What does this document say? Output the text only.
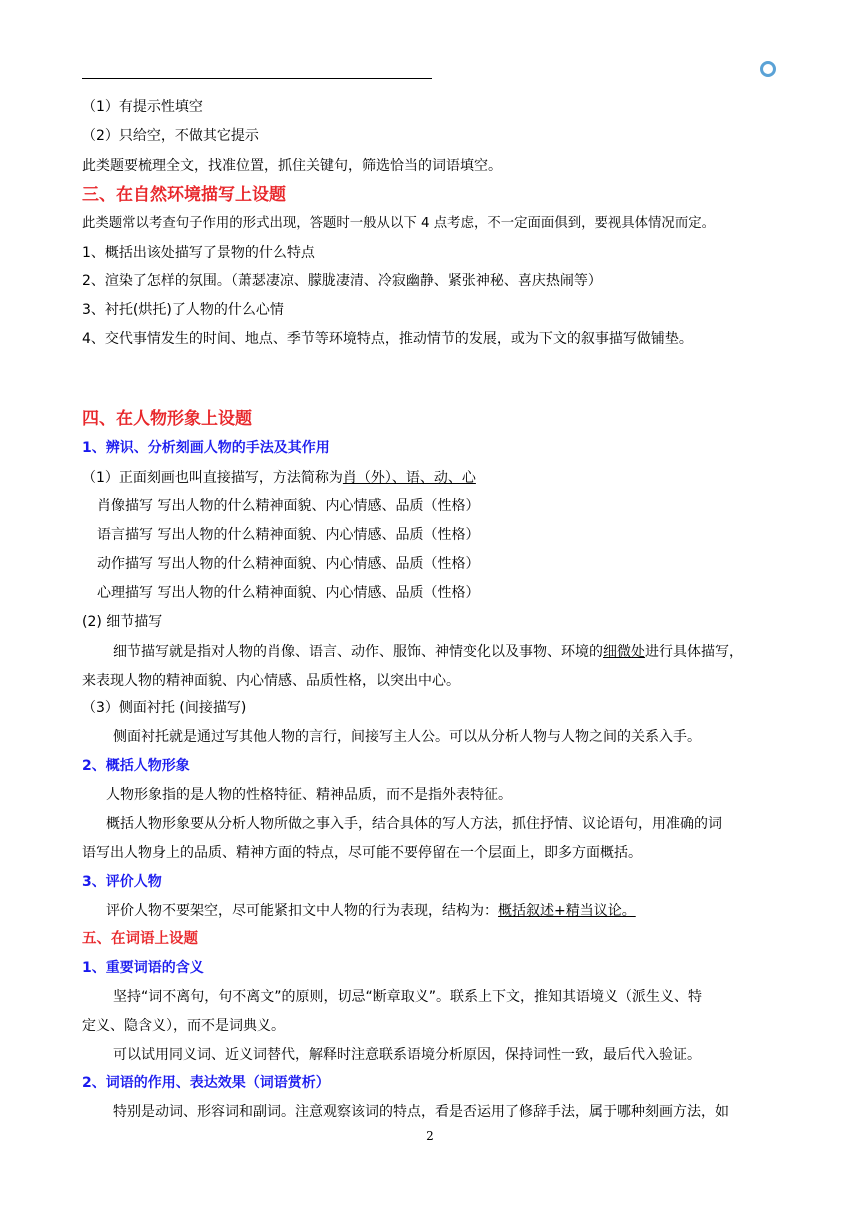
（1）有提示性填空
（2）只给空，不做其它提示
此类题要梳理全文，找准位置，抓住关键句，筛选恰当的词语填空。
三、在自然环境描写上设题
此类题常以考查句子作用的形式出现，答题时一般从以下 4 点考虑，不一定面面俱到，要视具体情况而定。
1、概括出该处描写了景物的什么特点
2、渲染了怎样的氛围。（萧瑟凄凉、朦胧凄清、冷寂幽静、紧张神秘、喜庆热闹等）
3、衬托(烘托)了人物的什么心情
4、交代事情发生的时间、地点、季节等环境特点，推动情节的发展，或为下文的叙事描写做铺垫。
四、在人物形象上设题
1、辨识、分析刻画人物的手法及其作用
（1）正面刻画也叫直接描写，方法简称为肖（外）、语、动、心
肖像描写 写出人物的什么精神面貌、内心情感、品质（性格）
语言描写 写出人物的什么精神面貌、内心情感、品质（性格）
动作描写 写出人物的什么精神面貌、内心情感、品质（性格）
心理描写 写出人物的什么精神面貌、内心情感、品质（性格）
(2) 细节描写
细节描写就是指对人物的肖像、语言、动作、服饰、神情变化以及事物、环境的细微处进行具体描写，
来表现人物的精神面貌、内心情感、品质性格，以突出中心。
（3）侧面衬托 (间接描写)
侧面衬托就是通过写其他人物的言行，间接写主人公。可以从分析人物与人物之间的关系入手。
2、概括人物形象
人物形象指的是人物的性格特征、精神品质，而不是指外表特征。
概括人物形象要从分析人物所做之事入手，结合具体的写人方法，抓住抒情、议论语句，用准确的词
语写出人物身上的品质、精神方面的特点，尽可能不要停留在一个层面上，即多方面概括。
3、评价人物
评价人物不要架空，尽可能紧扣文中人物的行为表现，结构为：概括叙述+精当议论。
五、在词语上设题
1、重要词语的含义
坚持“词不离句，句不离文”的原则，切忌“断章取义”。联系上下文，推知其语境义（派生义、特
定义、隐含义），而不是词典义。
可以试用同义词、近义词替代，解释时注意联系语境分析原因，保持词性一致，最后代入验证。
2、词语的作用、表达效果（词语赏析）
特别是动词、形容词和副词。注意观察该词的特点，看是否运用了修辞手法，属于哪种刻画方法，如
2
